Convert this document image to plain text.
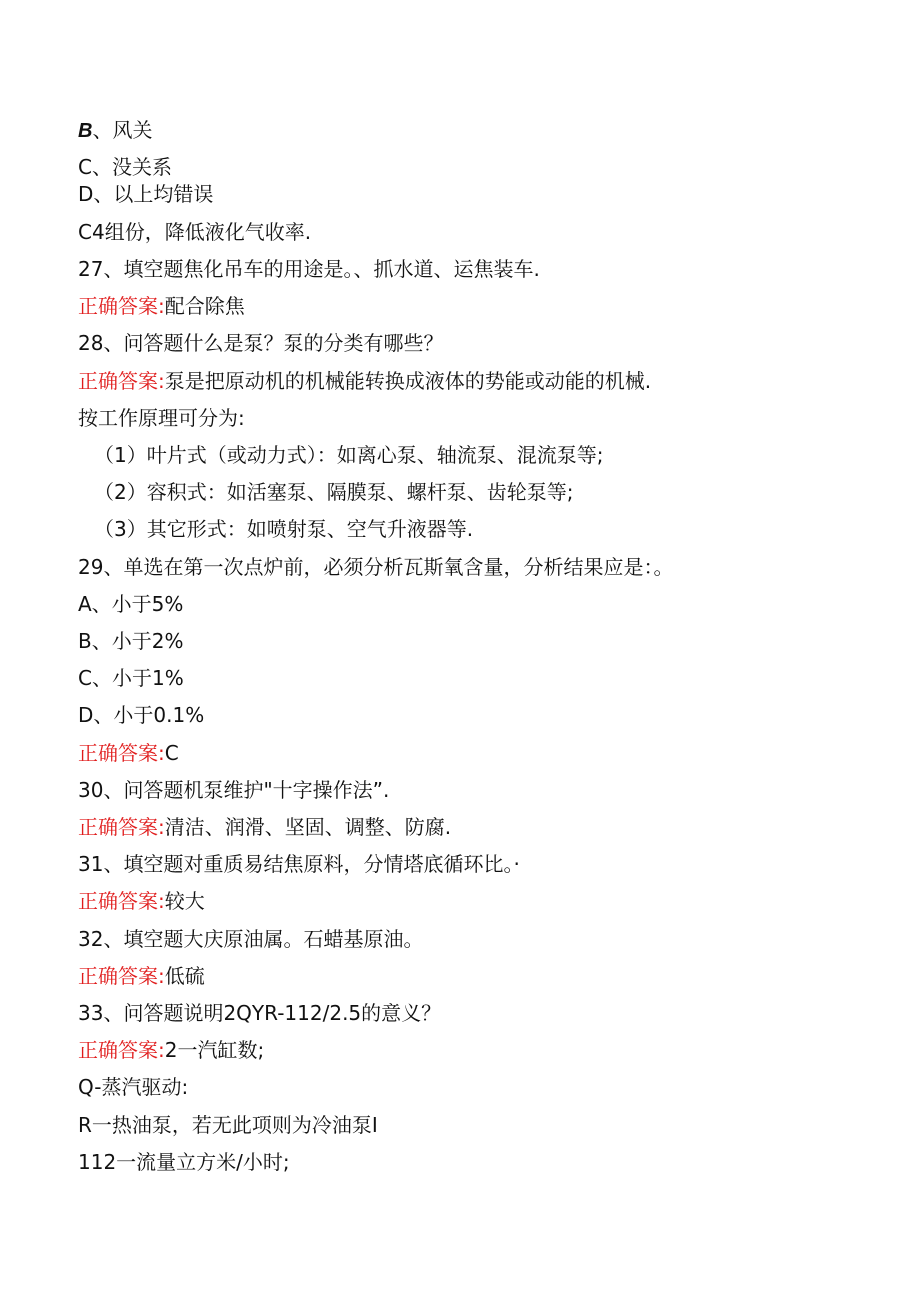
B、风关
C、没关系
D、以上均错误
C4组份，降低液化气收率.
27、填空题焦化吊车的用途是。、抓水道、运焦装车.
正确答案:配合除焦
28、问答题什么是泵？泵的分类有哪些？
正确答案:泵是把原动机的机械能转换成液体的势能或动能的机械.
按工作原理可分为:
（1）叶片式（或动力式）：如离心泵、轴流泵、混流泵等;
（2）容积式：如活塞泵、隔膜泵、螺杆泵、齿轮泵等;
（3）其它形式：如喷射泵、空气升液器等.
29、单选在第一次点炉前，必须分析瓦斯氧含量，分析结果应是：。
A、小于5%
B、小于2%
C、小于1%
D、小于0.1%
正确答案:C
30、问答题机泵维护"十字操作法”.
正确答案:清洁、润滑、坚固、调整、防腐.
31、填空题对重质易结焦原料，分情塔底循环比。·
正确答案:较大
32、填空题大庆原油属。石蜡基原油。
正确答案:低硫
33、问答题说明2QYR-112/2.5的意义？
正确答案:2一汽缸数;
Q-蒸汽驱动:
R一热油泵，若无此项则为冷油泵I
112一流量立方米/小时;
